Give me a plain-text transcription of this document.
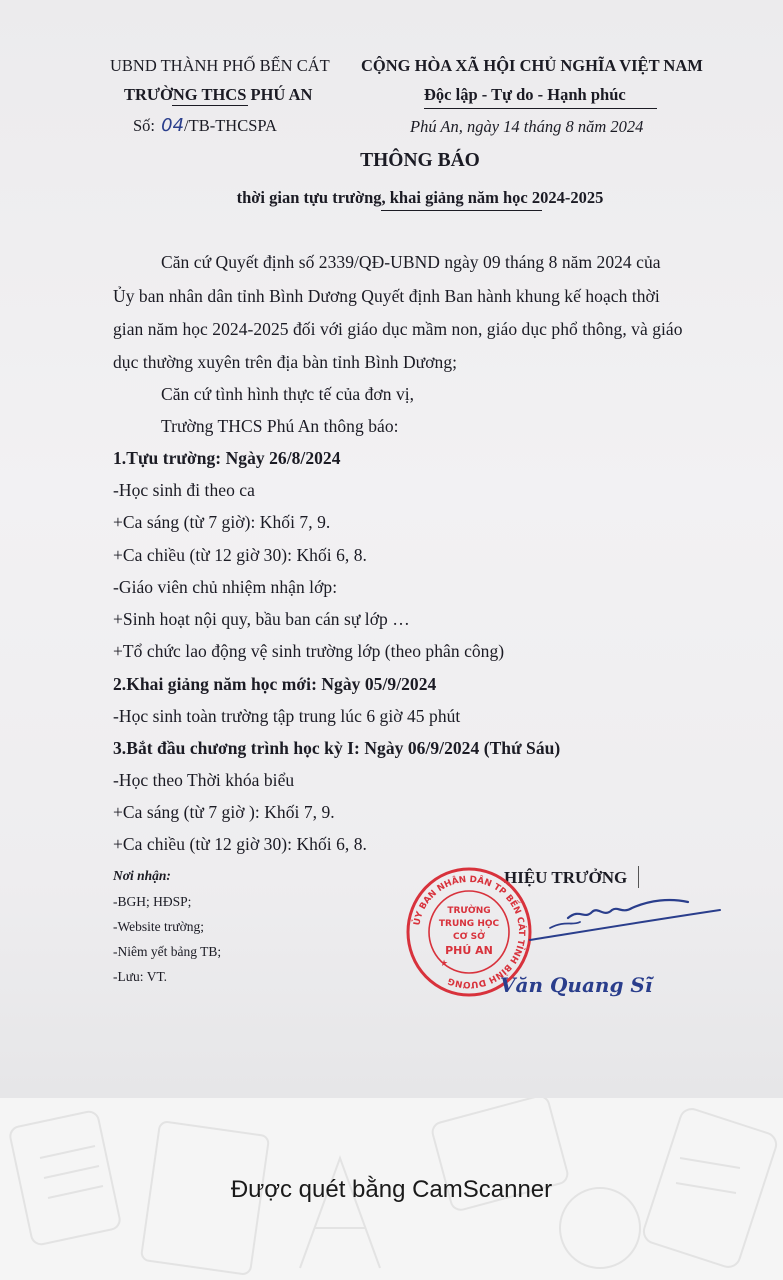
UBND THÀNH PHỐ BẾN CÁT
TRƯỜNG THCS PHÚ AN
Số: 04/TB-THCSPA
CỘNG HÒA XÃ HỘI CHỦ NGHĨA VIỆT NAM
Độc lập - Tự do - Hạnh phúc
Phú An, ngày 14 tháng 8 năm 2024
THÔNG BÁO
thời gian tựu trường, khai giảng năm học 2024-2025
Căn cứ Quyết định số 2339/QĐ-UBND ngày 09 tháng 8 năm 2024 của
Ủy ban nhân dân tỉnh Bình Dương Quyết định Ban hành khung kế hoạch thời
gian năm học 2024-2025 đối với giáo dục mầm non, giáo dục phổ thông, và giáo
dục thường xuyên trên địa bàn tỉnh Bình Dương;
Căn cứ tình hình thực tế của đơn vị,
Trường THCS Phú An thông báo:
1.Tựu trường: Ngày 26/8/2024
-Học sinh đi theo ca
+Ca sáng (từ 7 giờ): Khối 7, 9.
+Ca chiều (từ 12 giờ 30): Khối 6, 8.
-Giáo viên chủ nhiệm nhận lớp:
+Sinh hoạt nội quy, bầu ban cán sự lớp …
+Tổ chức lao động vệ sinh trường lớp (theo phân công)
2.Khai giảng năm học mới: Ngày 05/9/2024
-Học sinh toàn trường tập trung lúc 6 giờ 45 phút
3.Bắt đầu chương trình học kỳ I: Ngày 06/9/2024 (Thứ Sáu)
-Học theo Thời khóa biểu
+Ca sáng (từ 7 giờ ): Khối 7, 9.
+Ca chiều (từ 12 giờ 30): Khối 6, 8.
Nơi nhận:
-BGH; HĐSP;
-Website trường;
-Niêm yết bảng TB;
-Lưu: VT.
HIỆU TRƯỞNG
ỦY BAN NHÂN DÂN TP BẾN CÁT TỈNH BÌNH DƯƠNG
TRƯỜNG
TRUNG HỌC
CƠ SỞ
PHÚ AN
★
Văn Quang Sĩ
Được quét bằng CamScanner
